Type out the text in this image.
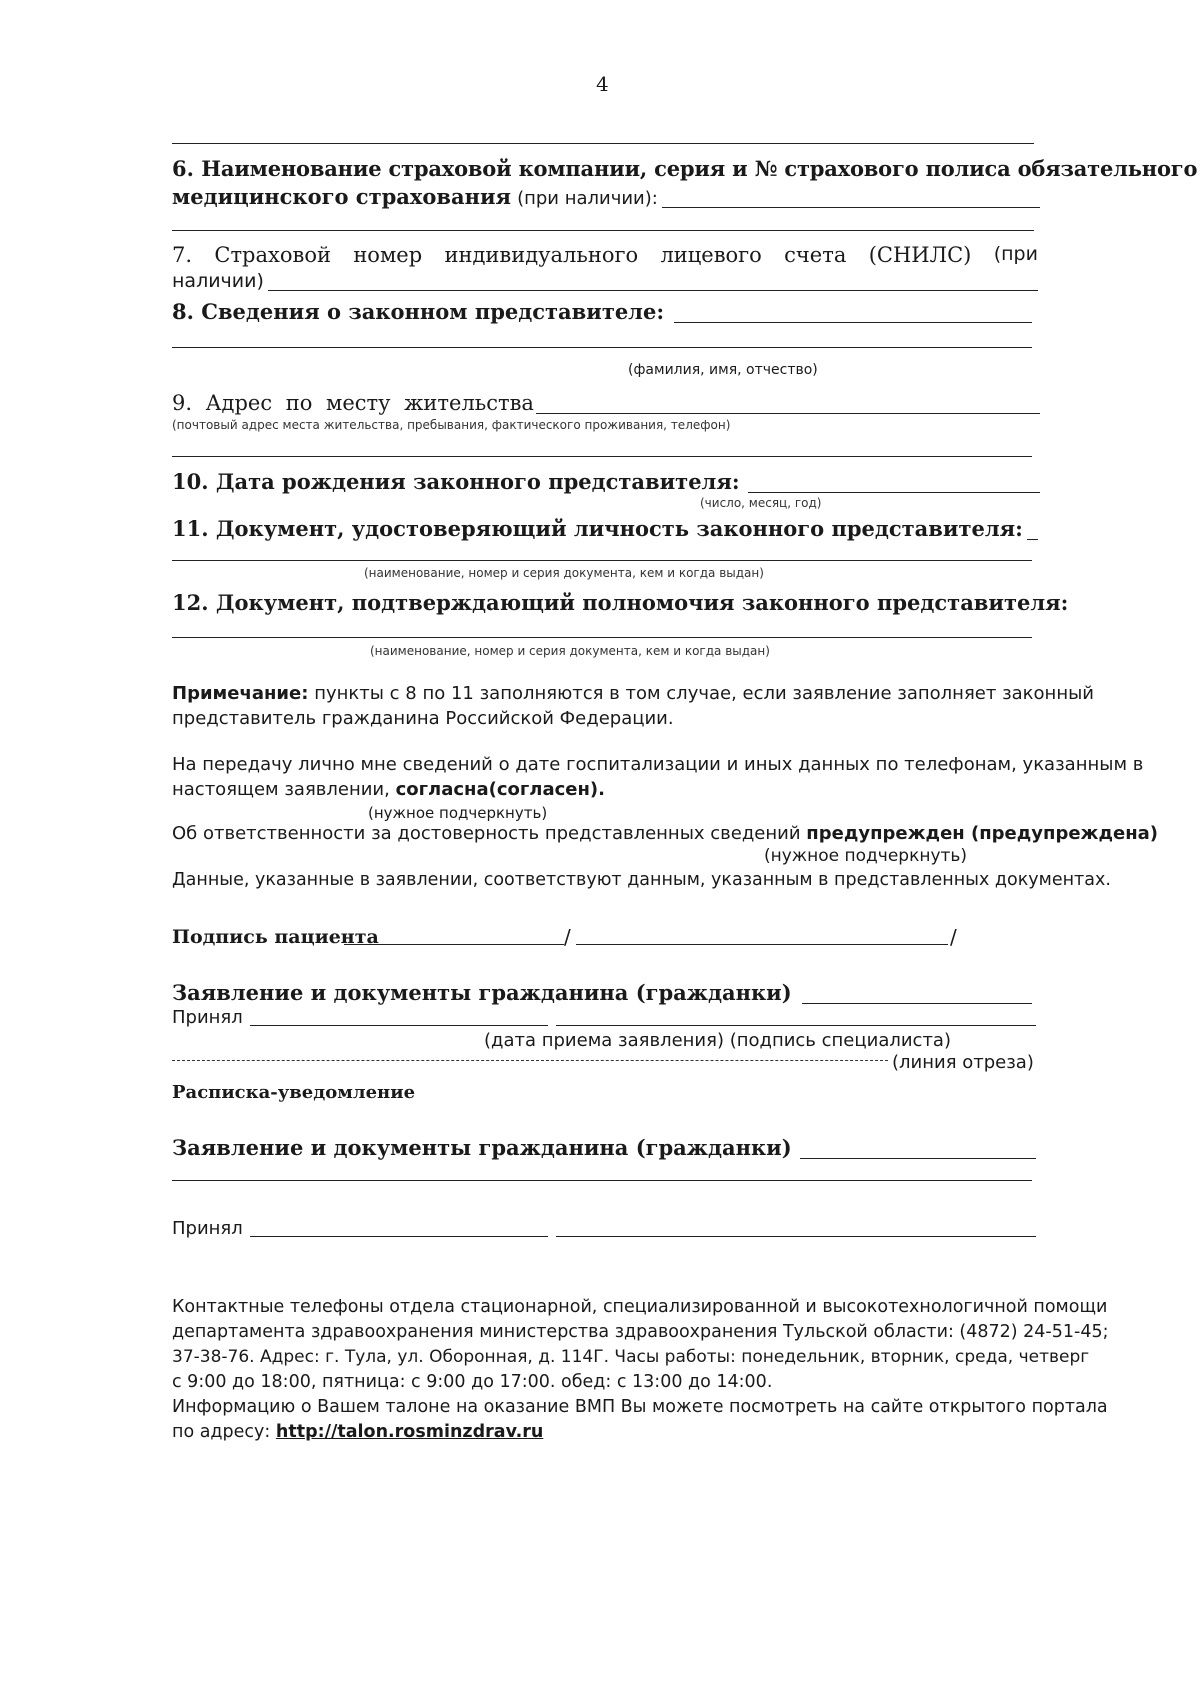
4
6. Наименование страховой компании, серия и № страхового полиса обязательного
медицинского страхования (при наличии):
7. Страховой номер индивидуального лицевого счета (СНИЛС) (при
наличии)
8. Сведения о законном представителе:
(фамилия, имя, отчество)
9. Адрес по месту жительства
(почтовый адрес места жительства, пребывания, фактического проживания, телефон)
10. Дата рождения законного представителя:
(число, месяц, год)
11. Документ, удостоверяющий личность законного представителя:
(наименование, номер и серия документа, кем и когда выдан)
12. Документ, подтверждающий полномочия законного представителя:
(наименование, номер и серия документа, кем и когда выдан)
Примечание: пункты с 8 по 11 заполняются в том случае, если заявление заполняет законный
представитель гражданина Российской Федерации.
На передачу лично мне сведений о дате госпитализации и иных данных по телефонам, указанным в
настоящем заявлении, согласна(согласен).
(нужное подчеркнуть)
Об ответственности за достоверность представленных сведений предупрежден (предупреждена)
(нужное подчеркнуть)
Данные, указанные в заявлении, соответствуют данным, указанным в представленных документах.
Подпись пациента	/	/
Заявление и документы гражданина (гражданки)
Принял
(дата приема заявления) (подпись специалиста)
(линия отреза)
Расписка-уведомление
Заявление и документы гражданина (гражданки)
Принял
Контактные телефоны отдела стационарной, специализированной и высокотехнологичной помощи
департамента здравоохранения министерства здравоохранения Тульской области: (4872) 24-51-45;
37-38-76. Адрес: г. Тула, ул. Оборонная, д. 114Г. Часы работы: понедельник, вторник, среда, четверг
с 9:00 до 18:00, пятница: с 9:00 до 17:00. обед: с 13:00 до 14:00.
Информацию о Вашем талоне на оказание ВМП Вы можете посмотреть на сайте открытого портала
по адресу: http://talon.rosminzdrav.ru
